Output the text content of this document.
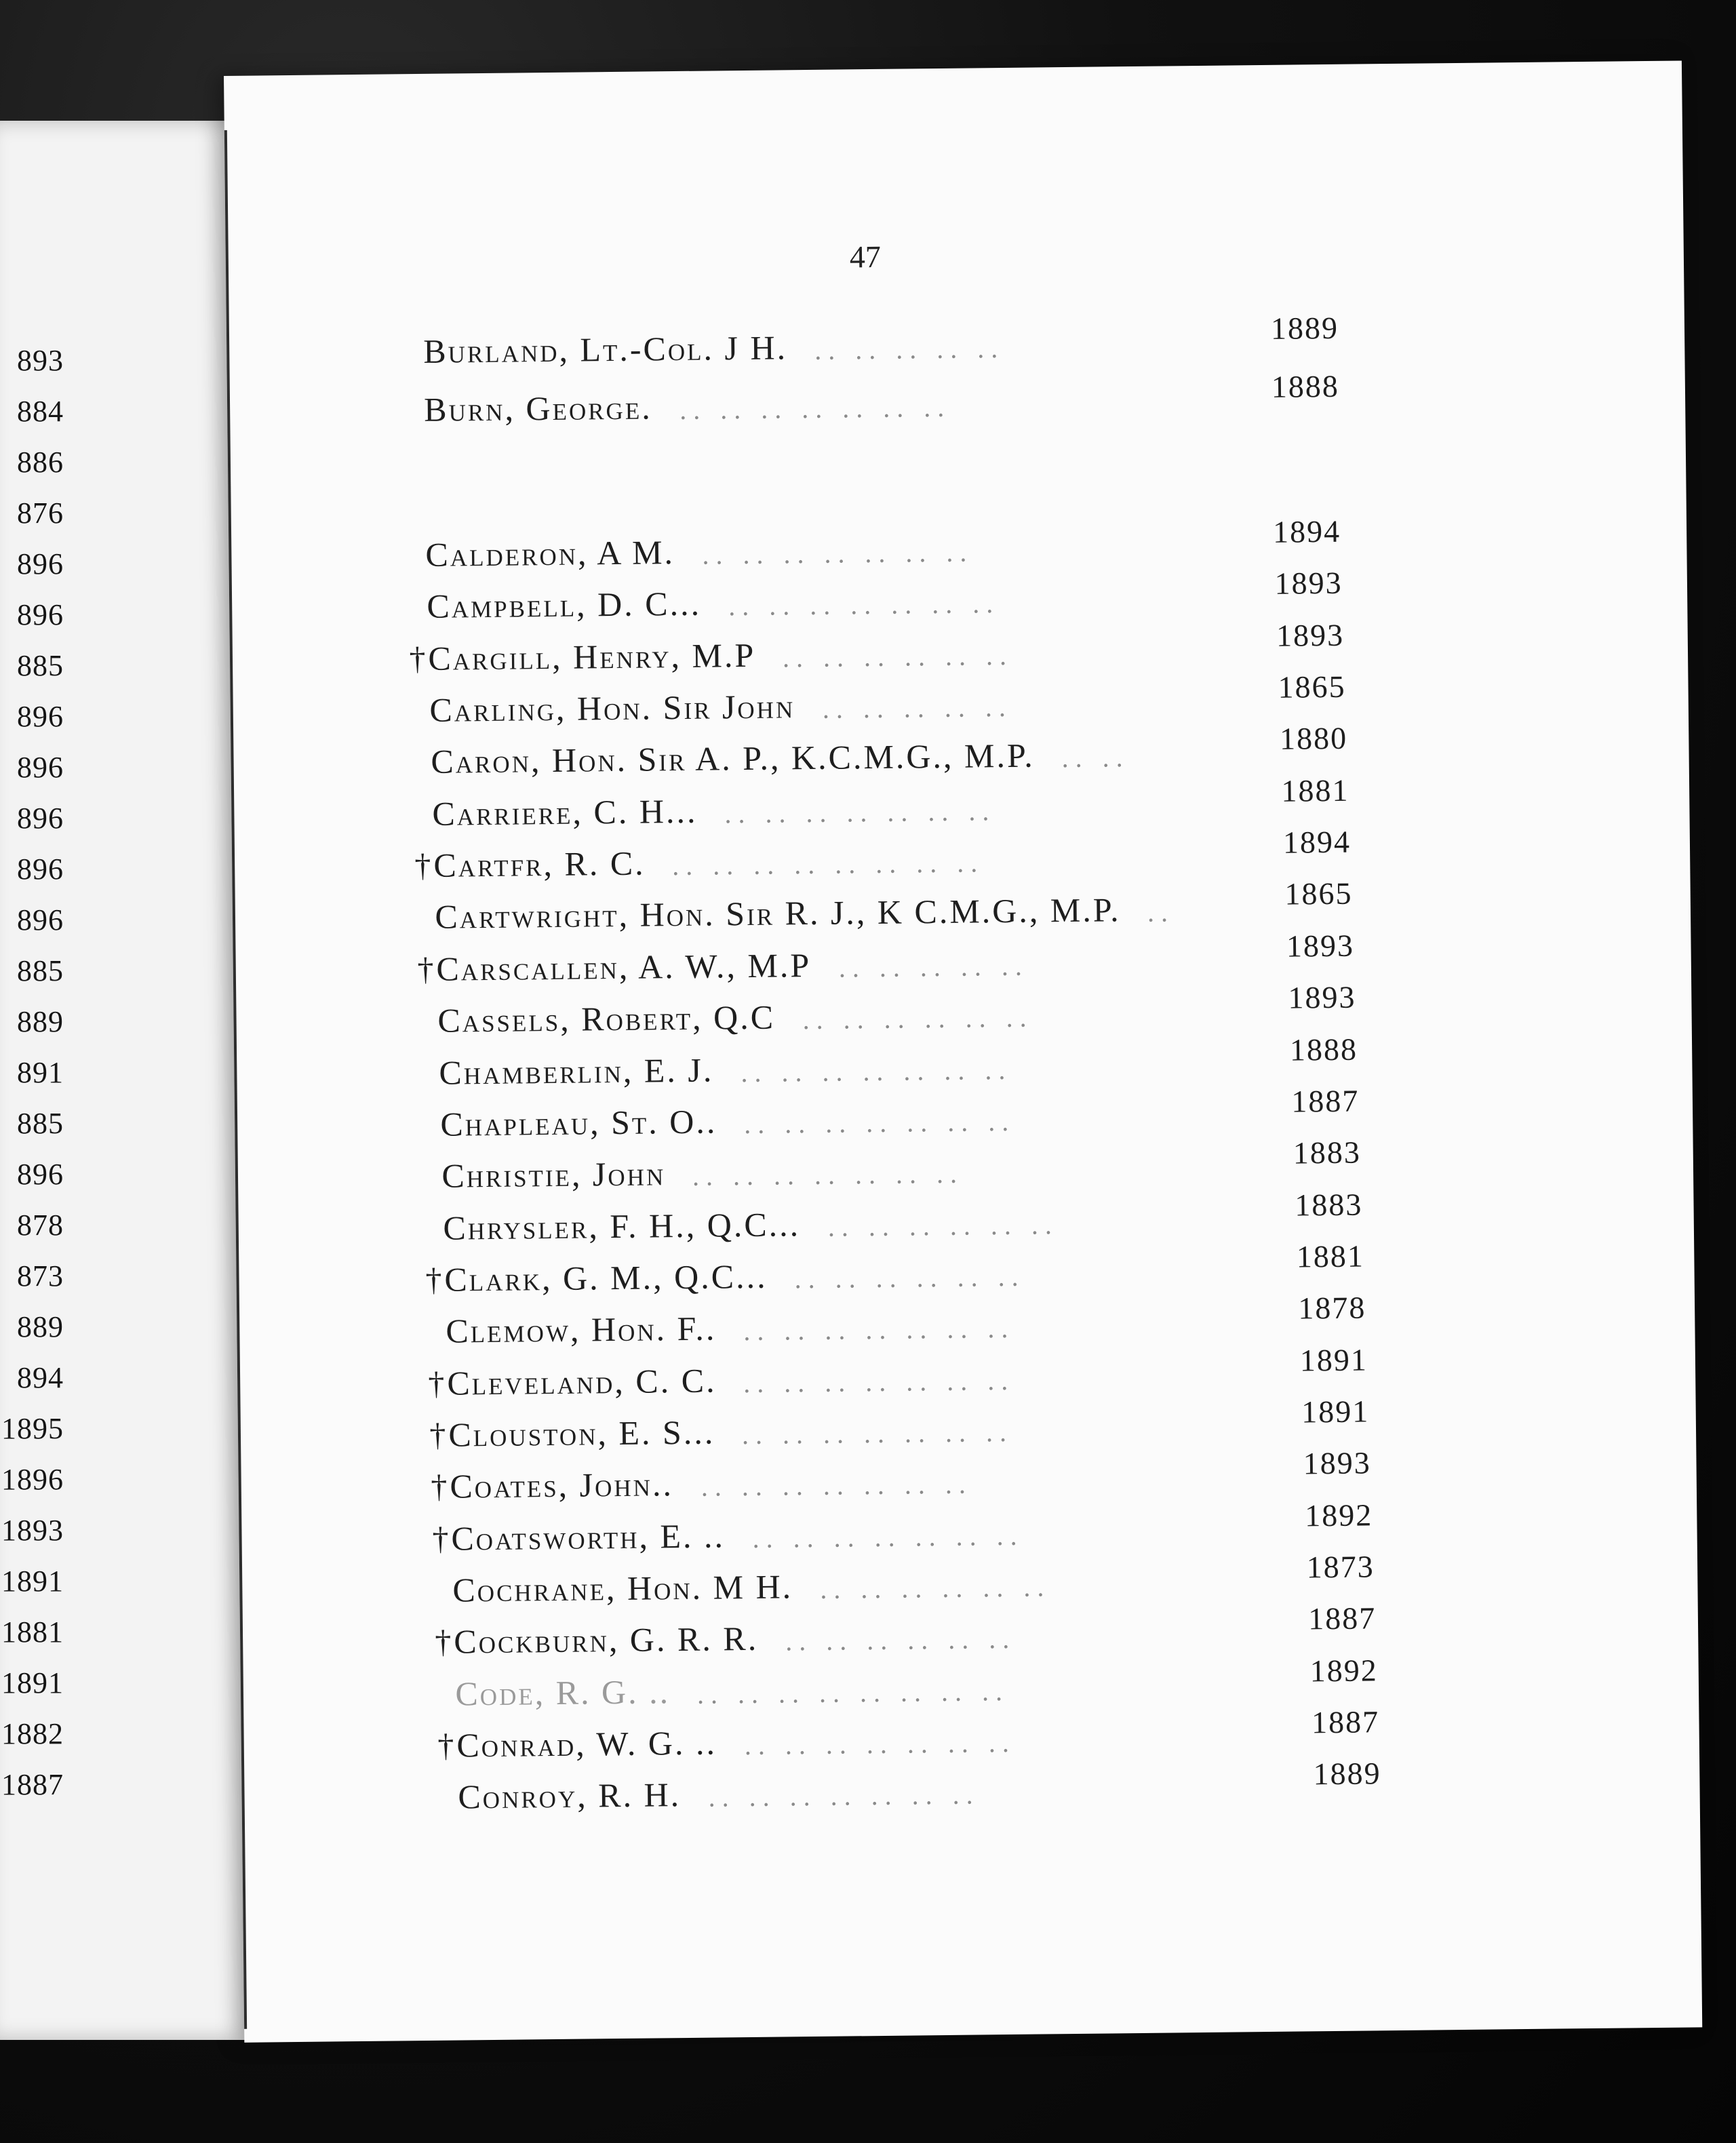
893
884
886
876
896
896
885
896
896
896
896
896
885
889
891
885
896
878
873
889
894
1895
1896
1893
1891
1881
1891
1882
1887
47
Burland, Lt.-Col. J H. .. .. .. .. ..
1889
Burn, George. .. .. .. .. .. .. ..
1888
Calderon, A M. .. .. .. .. .. .. ..
1894
Campbell, D. C... .. .. .. .. .. .. ..
1893
† Cargill, Henry, M.P .. .. .. .. .. ..
1893
Carling, Hon. Sir John .. .. .. .. ..
1865
Caron, Hon. Sir A. P., K.C.M.G., M.P. .. ..
1880
Carriere, C. H... .. .. .. .. .. .. ..
1881
† Cartfr, R. C. .. .. .. .. .. .. .. ..
1894
Cartwright, Hon. Sir R. J., K C.M.G., M.P. ..
1865
† Carscallen, A. W., M.P .. .. .. .. ..
1893
Cassels, Robert, Q.C .. .. .. .. .. ..
1893
Chamberlin, E. J. .. .. .. .. .. .. ..
1888
Chapleau, St. O.. .. .. .. .. .. .. ..
1887
Christie, John .. .. .. .. .. .. ..
1883
Chrysler, F. H., Q.C... .. .. .. .. .. ..
1883
† Clark, G. M., Q.C... .. .. .. .. .. ..
1881
Clemow, Hon. F.. .. .. .. .. .. .. ..
1878
† Cleveland, C. C. .. .. .. .. .. .. ..
1891
† Clouston, E. S... .. .. .. .. .. .. ..
1891
† Coates, John.. .. .. .. .. .. .. ..
1893
† Coatsworth, E. .. .. .. .. .. .. .. ..
1892
Cochrane, Hon. M H. .. .. .. .. .. ..
1873
† Cockburn, G. R. R. .. .. .. .. .. ..
1887
Code, R. G. .. .. .. .. .. .. .. .. ..
1892
† Conrad, W. G. .. .. .. .. .. .. .. ..
1887
Conroy, R. H. .. .. .. .. .. .. ..
1889
